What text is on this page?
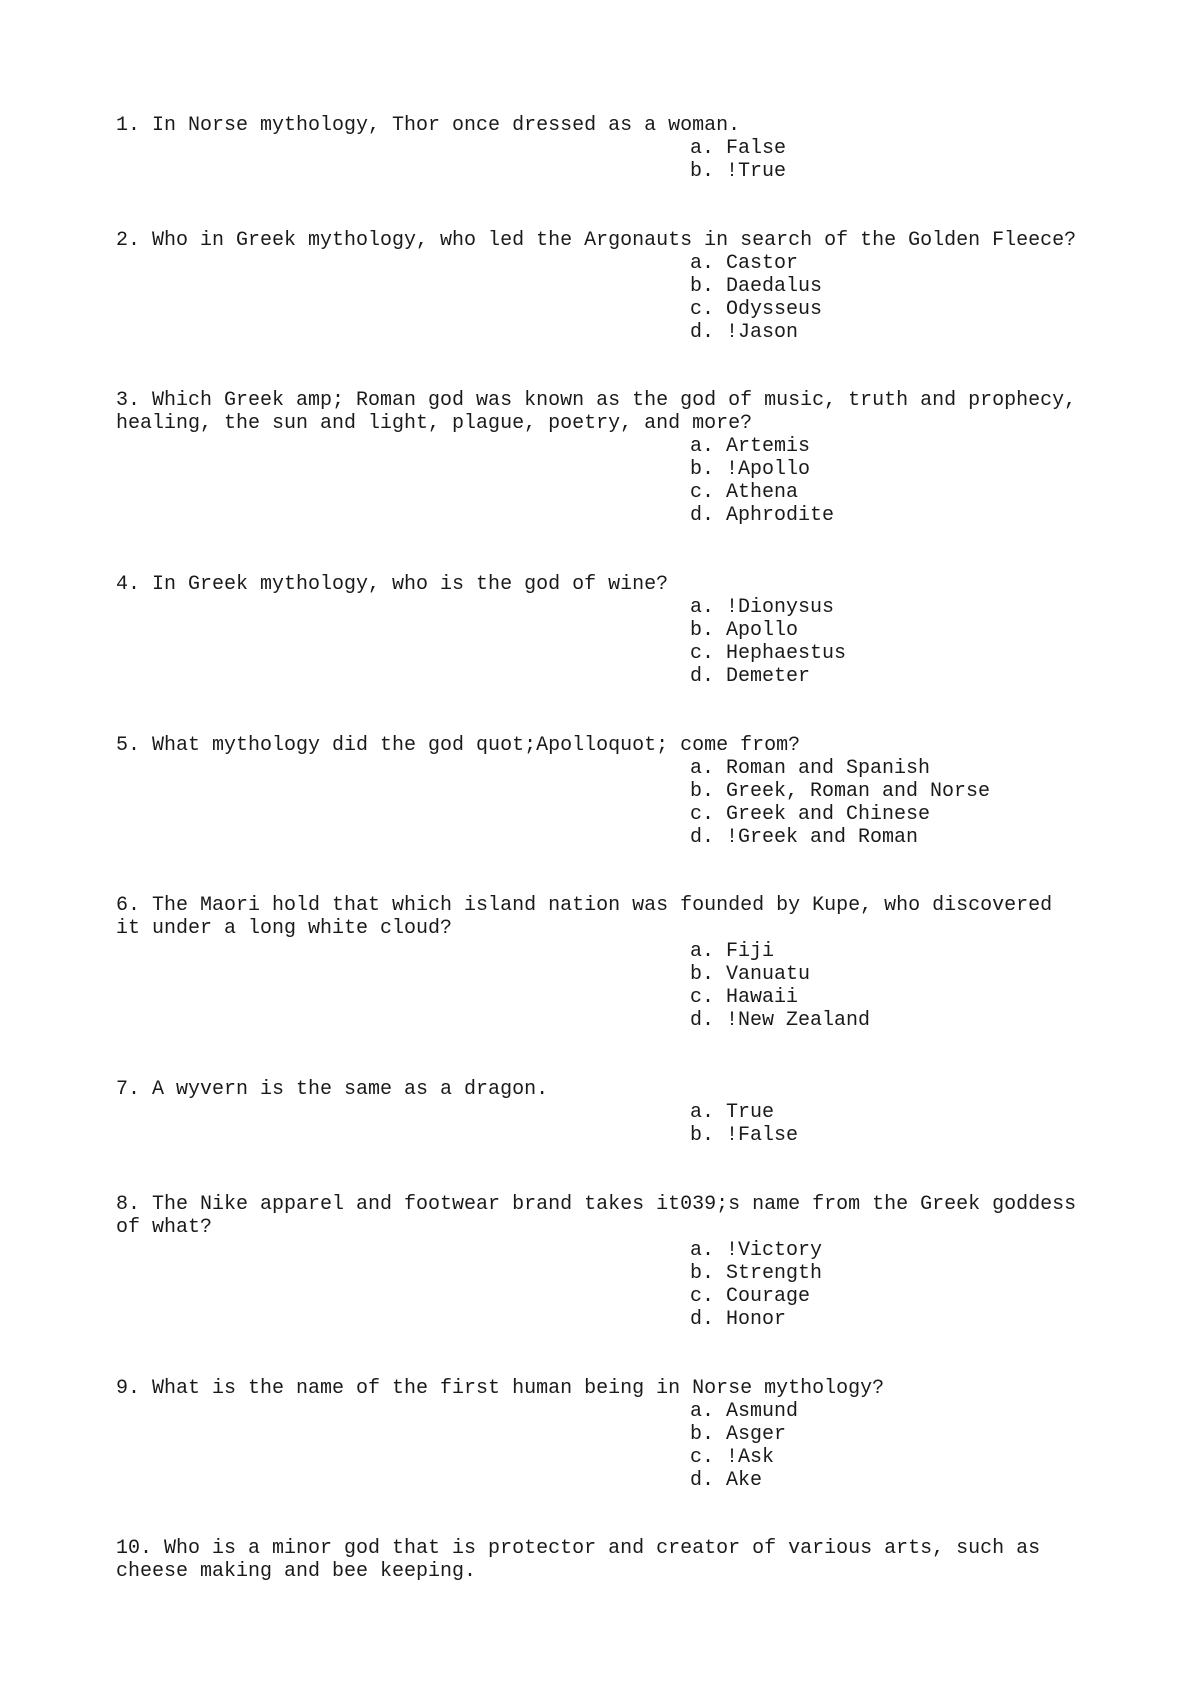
1. In Norse mythology, Thor once dressed as a woman.

a. False
b. !True

2. Who in Greek mythology, who led the Argonauts in search of the Golden Fleece?

a. Castor
b. Daedalus
c. Odysseus
d. !Jason

3. Which Greek amp; Roman god was known as the god of music, truth and prophecy,
healing, the sun and light, plague, poetry, and more?

a. Artemis
b. !Apollo
c. Athena
d. Aphrodite

4. In Greek mythology, who is the god of wine?

a. !Dionysus
b. Apollo
c. Hephaestus
d. Demeter

5. What mythology did the god quot;Apolloquot; come from?

a. Roman and Spanish
b. Greek, Roman and Norse
c. Greek and Chinese
d. !Greek and Roman

6. The Maori hold that which island nation was founded by Kupe, who discovered
it under a long white cloud?

a. Fiji
b. Vanuatu
c. Hawaii
d. !New Zealand

7. A wyvern is the same as a dragon.

a. True
b. !False

8. The Nike apparel and footwear brand takes it039;s name from the Greek goddess
of what?

a. !Victory
b. Strength
c. Courage
d. Honor

9. What is the name of the first human being in Norse mythology?

a. Asmund
b. Asger
c. !Ask
d. Ake

10. Who is a minor god that is protector and creator of various arts, such as
cheese making and bee keeping.
